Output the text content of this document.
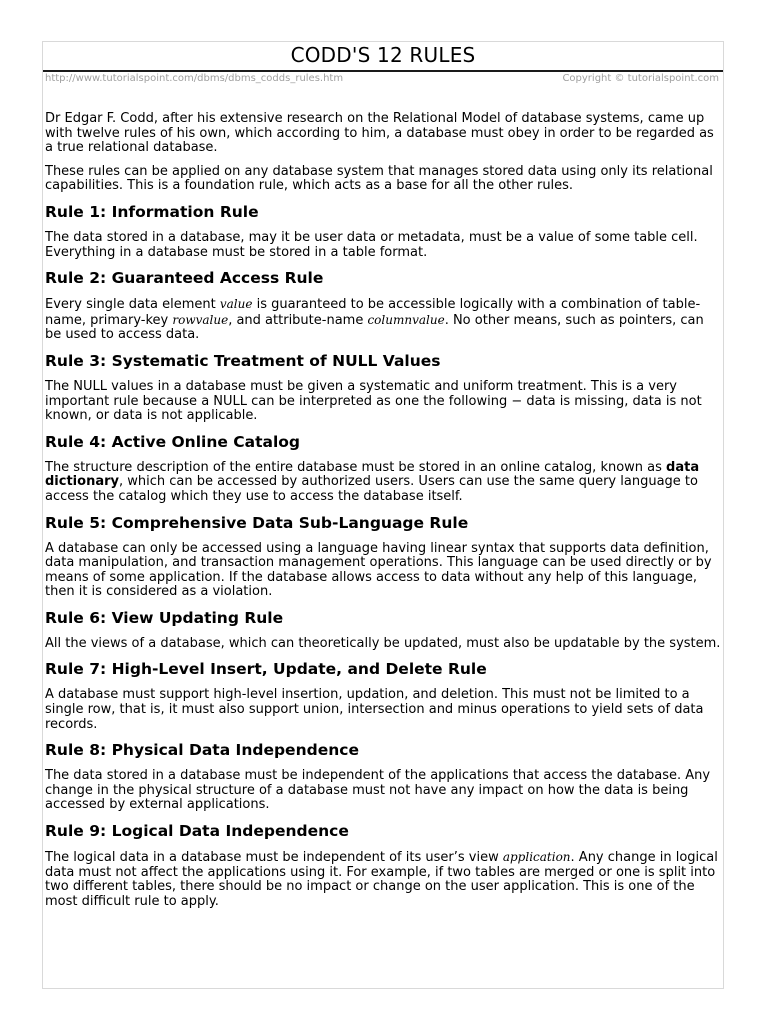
CODD'S 12 RULES
http://www.tutorialspoint.com/dbms/dbms_codds_rules.htm	Copyright © tutorialspoint.com

Dr Edgar F. Codd, after his extensive research on the Relational Model of database systems, came up with twelve rules of his own, which according to him, a database must obey in order to be regarded as a true relational database.

These rules can be applied on any database system that manages stored data using only its relational capabilities. This is a foundation rule, which acts as a base for all the other rules.

Rule 1: Information Rule

The data stored in a database, may it be user data or metadata, must be a value of some table cell. Everything in a database must be stored in a table format.

Rule 2: Guaranteed Access Rule

Every single data element value is guaranteed to be accessible logically with a combination of table-name, primary-key rowvalue, and attribute-name columnvalue. No other means, such as pointers, can be used to access data.

Rule 3: Systematic Treatment of NULL Values

The NULL values in a database must be given a systematic and uniform treatment. This is a very important rule because a NULL can be interpreted as one the following − data is missing, data is not known, or data is not applicable.

Rule 4: Active Online Catalog

The structure description of the entire database must be stored in an online catalog, known as data dictionary, which can be accessed by authorized users. Users can use the same query language to access the catalog which they use to access the database itself.

Rule 5: Comprehensive Data Sub-Language Rule

A database can only be accessed using a language having linear syntax that supports data definition, data manipulation, and transaction management operations. This language can be used directly or by means of some application. If the database allows access to data without any help of this language, then it is considered as a violation.

Rule 6: View Updating Rule

All the views of a database, which can theoretically be updated, must also be updatable by the system.

Rule 7: High-Level Insert, Update, and Delete Rule

A database must support high-level insertion, updation, and deletion. This must not be limited to a single row, that is, it must also support union, intersection and minus operations to yield sets of data records.

Rule 8: Physical Data Independence

The data stored in a database must be independent of the applications that access the database. Any change in the physical structure of a database must not have any impact on how the data is being accessed by external applications.

Rule 9: Logical Data Independence

The logical data in a database must be independent of its user’s view application. Any change in logical data must not affect the applications using it. For example, if two tables are merged or one is split into two different tables, there should be no impact or change on the user application. This is one of the most difficult rule to apply.
